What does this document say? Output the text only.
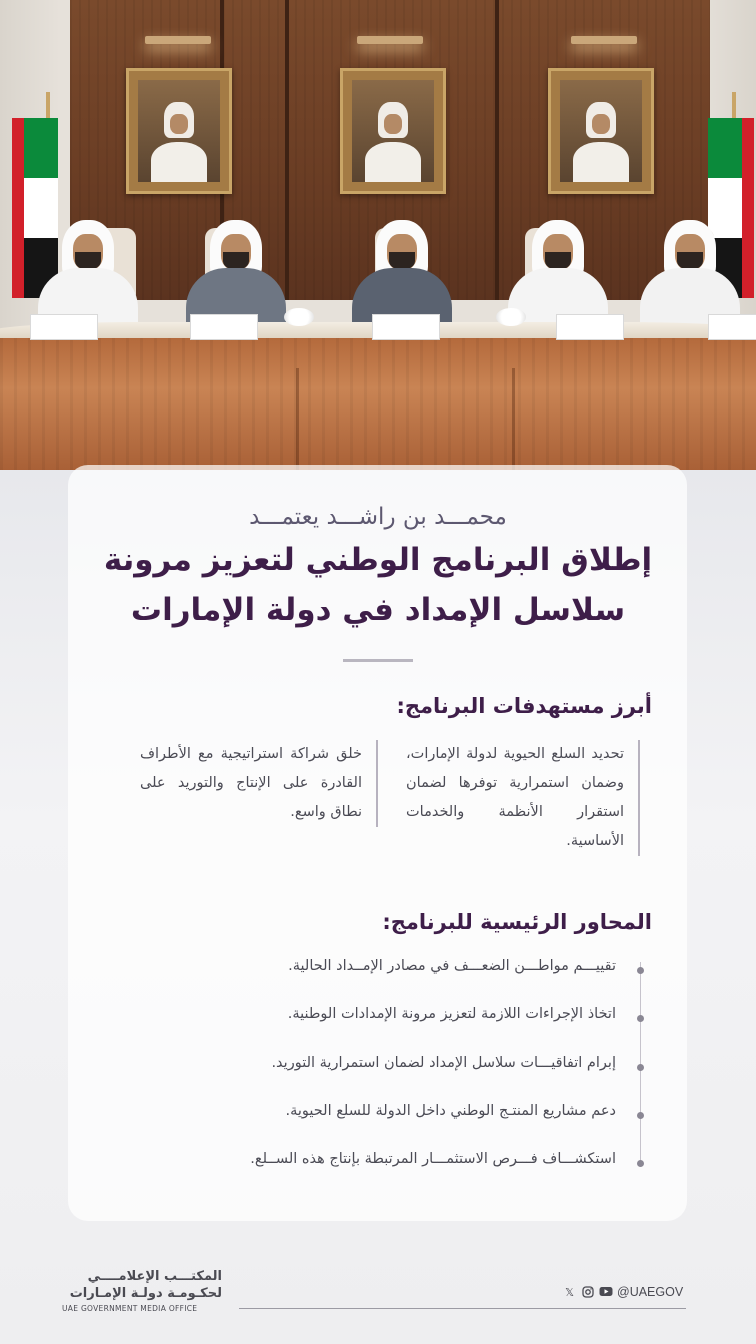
محمـــد بن راشـــد يعتمـــد
إطلاق البرنامج الوطني لتعزيز مرونة
سلاسل الإمداد في دولة الإمارات
أبرز مستهدفات البرنامج:
تحديد السلع الحيوية لدولة الإمارات، وضمان استمرارية توفرها لضمان استقرار الأنظمة والخدمات الأساسية.
خلق شراكة استراتيجية مع الأطراف القادرة على الإنتاج والتوريد على نطاق واسع.
المحاور الرئيسية للبرنامج:
تقييـــم مواطـــن الضعـــف في مصادر الإمــداد الحالية.
اتخاذ الإجراءات اللازمة لتعزيز مرونة الإمدادات الوطنية.
إبرام اتفاقيـــات سلاسل الإمداد لضمان استمرارية التوريد.
دعم مشاريع المنتـج الوطني داخل الدولة للسلع الحيوية.
استكشـــاف فـــرص الاستثمـــار المرتبطة بإنتاج هذه الســلع.
المكتـــب الإعلامــــي
لحكـومـة دولـة الإمـارات
UAE GOVERNMENT MEDIA OFFICE
𝕏	@UAEGOV
